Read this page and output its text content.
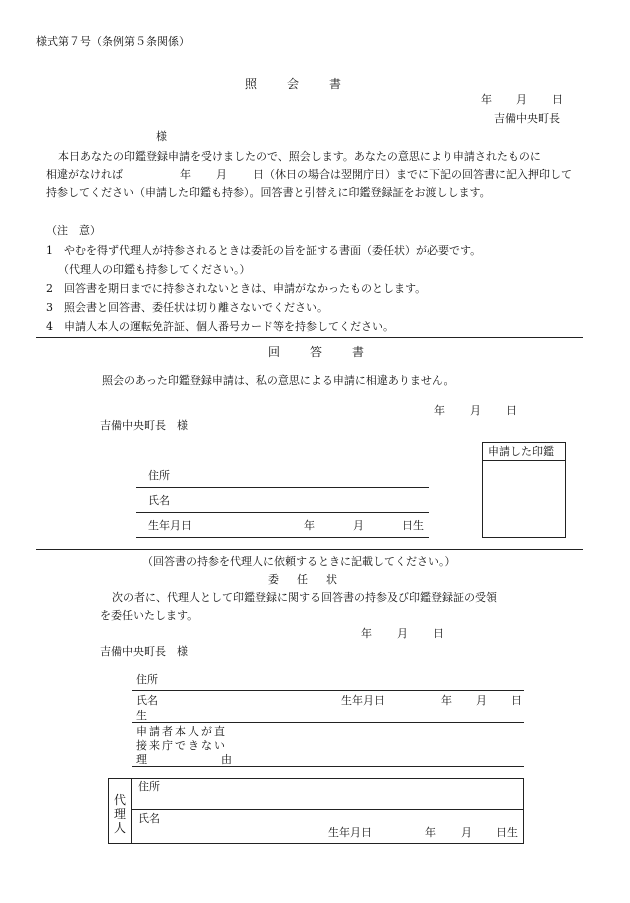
様式第７号（条例第５条関係）
照会書
年 月 日
吉備中央町長
様
本日あなたの印鑑登録申請を受けましたので、照会します。あなたの意思により申請されたものに
相違がなければ	年 月 日（休日の場合は翌開庁日）までに下記の回答書に記入押印して
持参してください（申請した印鑑も持参）。回答書と引替えに印鑑登録証をお渡しします。
（注　意）
1　やむを得ず代理人が持参されるときは委託の旨を証する書面（委任状）が必要です。
（代理人の印鑑も持参してください。）
2　回答書を期日までに持参されないときは、申請がなかったものとします。
3　照会書と回答書、委任状は切り離さないでください。
4　申請人本人の運転免許証、個人番号カード等を持参してください。
回答書
照会のあった印鑑登録申請は、私の意思による申請に相違ありません。
年 月 日
吉備中央町長　様
申請した印鑑
住所
氏名
生年月日	年	月	日生
（回答書の持参を代理人に依頼するときに記載してください。）
委任状
次の者に、代理人として印鑑登録に関する回答書の持参及び印鑑登録証の受領
を委任いたします。
年 月 日
吉備中央町長　様
住所
氏名	生年月日	年 月 日
生
申請者本人が直
接来庁できない
理	由
代理人
住所
氏名
生年月日	年 月 日生
